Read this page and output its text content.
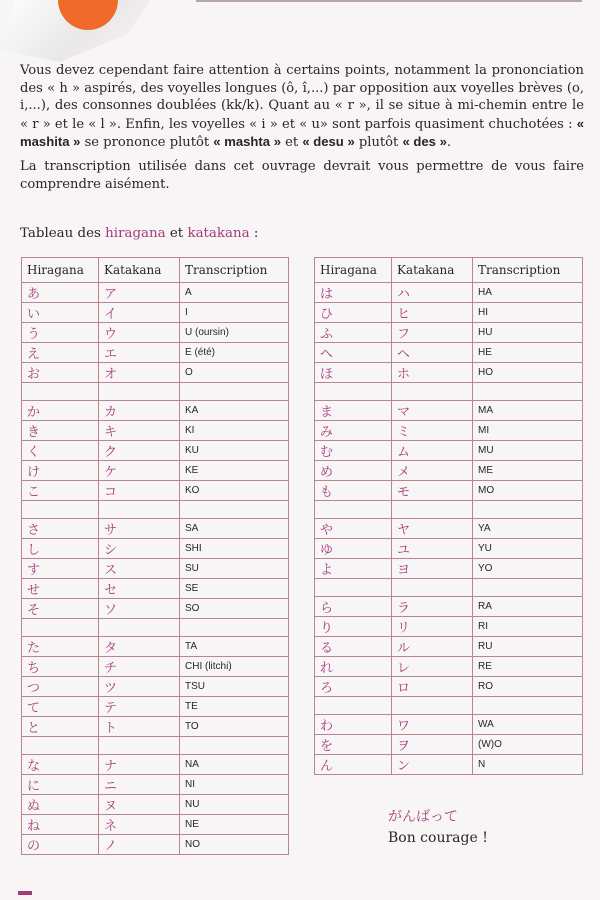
Vous devez cependant faire attention à certains points, notamment la prononciation des « h » aspirés, des voyelles longues (ô, î,...) par opposition aux voyelles brèves (o, i,...), des consonnes doublées (kk/k). Quant au « r », il se situe à mi-chemin entre le « r » et le « l ». Enfin, les voyelles « i » et « u» sont parfois quasiment chuchotées : « mashita » se prononce plutôt « mashta » et « desu » plutôt « des ».

La transcription utilisée dans cet ouvrage devrait vous permettre de vous faire comprendre aisément.

Tableau des hiragana et katakana :
Hiragana	Katakana	Transcription
あ	ア	A
い	イ	I
う	ウ	U (oursin)
え	エ	E (été)
お	オ	O

か	カ	KA
き	キ	KI
く	ク	KU
け	ケ	KE
こ	コ	KO

さ	サ	SA
し	シ	SHI
す	ス	SU
せ	セ	SE
そ	ソ	SO

た	タ	TA
ち	チ	CHI (litchi)
つ	ツ	TSU
て	テ	TE
と	ト	TO

な	ナ	NA
に	ニ	NI
ぬ	ヌ	NU
ね	ネ	NE
の	ノ	NO
Hiragana	Katakana	Transcription
は	ハ	HA
ひ	ヒ	HI
ふ	フ	HU
へ	ヘ	HE
ほ	ホ	HO

ま	マ	MA
み	ミ	MI
む	ム	MU
め	メ	ME
も	モ	MO

や	ヤ	YA
ゆ	ユ	YU
よ	ヨ	YO

ら	ラ	RA
り	リ	RI
る	ル	RU
れ	レ	RE
ろ	ロ	RO

わ	ワ	WA
を	ヲ	(W)O
ん	ン	N
がんばって
Bon courage !
